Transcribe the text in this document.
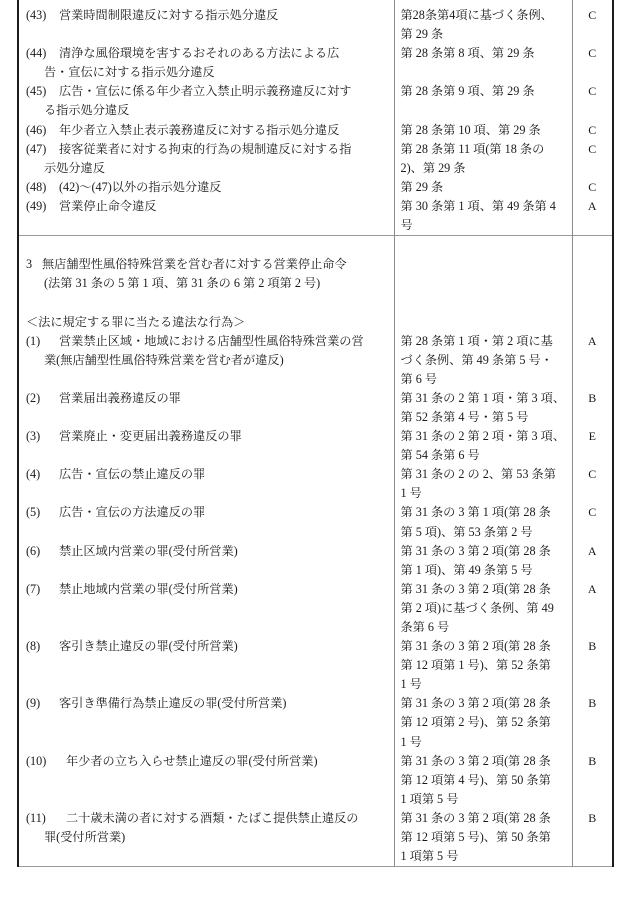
(43) 営業時間制限違反に対する指示処分違反	第28条第4項に基づく条例、
第 29 条	C

(44) 清浄な風俗環境を害するおそれのある方法による広
告・宣伝に対する指示処分違反	第 28 条第 8 項、第 29 条	C

(45) 広告・宣伝に係る年少者立入禁止明示義務違反に対す
る指示処分違反	第 28 条第 9 項、第 29 条	C

(46) 年少者立入禁止表示義務違反に対する指示処分違反	第 28 条第 10 項、第 29 条	C

(47) 接客従業者に対する拘束的行為の規制違反に対する指
示処分違反	第 28 条第 11 項(第 18 条の
2)、第 29 条	C

(48) (42)〜(47)以外の指示処分違反	第 29 条	C

(49) 営業停止命令違反	第 30 条第 1 項、第 49 条第 4
号	A

3 無店舗型性風俗特殊営業を営む者に対する営業停止命令
(法第 31 条の 5 第 1 項、第 31 条の 6 第 2 項第 2 号)
＜法に規定する罪に当たる違法な行為＞		

(1) 営業禁止区域・地域における店舗型性風俗特殊営業の営
業(無店舗型性風俗特殊営業を営む者が違反)	第 28 条第 1 項・第 2 項に基
づく条例、第 49 条第 5 号・
第 6 号	A

(2) 営業届出義務違反の罪	第 31 条の 2 第 1 項・第 3 項、
第 52 条第 4 号・第 5 号	B

(3) 営業廃止・変更届出義務違反の罪	第 31 条の 2 第 2 項・第 3 項、
第 54 条第 6 号	E

(4) 広告・宣伝の禁止違反の罪	第 31 条の 2 の 2、第 53 条第
1 号	C

(5) 広告・宣伝の方法違反の罪	第 31 条の 3 第 1 項(第 28 条
第 5 項)、第 53 条第 2 号	C

(6) 禁止区域内営業の罪(受付所営業)	第 31 条の 3 第 2 項(第 28 条
第 1 項)、第 49 条第 5 号	A

(7) 禁止地域内営業の罪(受付所営業)	第 31 条の 3 第 2 項(第 28 条
第 2 項)に基づく条例、第 49
条第 6 号	A

(8) 客引き禁止違反の罪(受付所営業)	第 31 条の 3 第 2 項(第 28 条
第 12 項第 1 号)、第 52 条第
1 号	B

(9) 客引き準備行為禁止違反の罪(受付所営業)	第 31 条の 3 第 2 項(第 28 条
第 12 項第 2 号)、第 52 条第
1 号	B

(10) 年少者の立ち入らせ禁止違反の罪(受付所営業)	第 31 条の 3 第 2 項(第 28 条
第 12 項第 4 号)、第 50 条第
1 項第 5 号	B

(11) 二十歳未満の者に対する酒類・たばこ提供禁止違反の
罪(受付所営業)	第 31 条の 3 第 2 項(第 28 条
第 12 項第 5 号)、第 50 条第
1 項第 5 号	B
